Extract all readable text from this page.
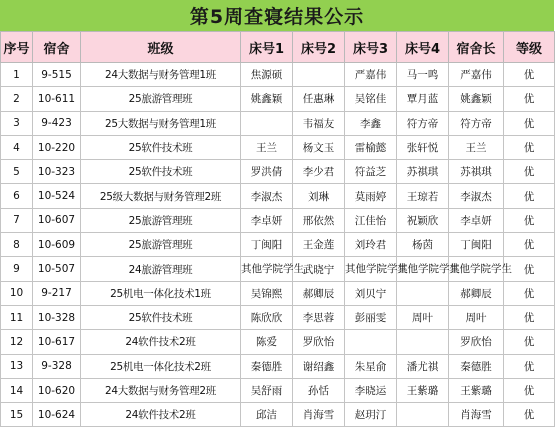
第5周查寝结果公示
序号	宿舍	班级	床号1	床号2	床号3	床号4	宿舍长	等级
1	9-515	24大数据与财务管理1班	焦源硕		严嘉伟	马一鸣	严嘉伟	优
2	10-611	25旅游管理班	姚鑫颖	任惠琳	吴铭佳	覃月蓝	姚鑫颖	优
3	9-423	25大数据与财务管理1班		韦福友	李鑫	符方帝	符方帝	优
4	10-220	25软件技术班	王兰	杨文玉	雷榆懿	张轩悦	王兰	优
5	10-323	25软件技术班	罗洪倩	李少君	符益芝	苏祺琪	苏祺琪	优
6	10-524	25级大数据与财务管理2班	李淑杰	刘琳	莫雨婷	王琼若	李淑杰	优
7	10-607	25旅游管理班	李卓妍	邢依然	江佳怡	祝颖欣	李卓妍	优
8	10-609	25旅游管理班	丁闽阳	王金莲	刘玲君	杨茵	丁闽阳	优
9	10-507	24旅游管理班	其他学院学生	武晓宁	其他学院学生	其他学院学生	其他学院学生	优
10	9-217	25机电一体化技术1班	吴锦熙	郝卿辰	刘贝宁		郝卿辰	优
11	10-328	25软件技术班	陈欣欣	李思蓉	彭丽雯	周叶	周叶	优
12	10-617	24软件技术2班	陈爱	罗欣怡			罗欣怡	优
13	9-328	25机电一体化技术2班	秦德胜	谢绍鑫	朱星俞	潘尤祺	秦德胜	优
14	10-620	24大数据与财务管理2班	吴舒雨	孙恬	李晓运	王紫璐	王紫璐	优
15	10-624	24软件技术2班	邱洁	肖海雪	赵玥汀		肖海雪	优
